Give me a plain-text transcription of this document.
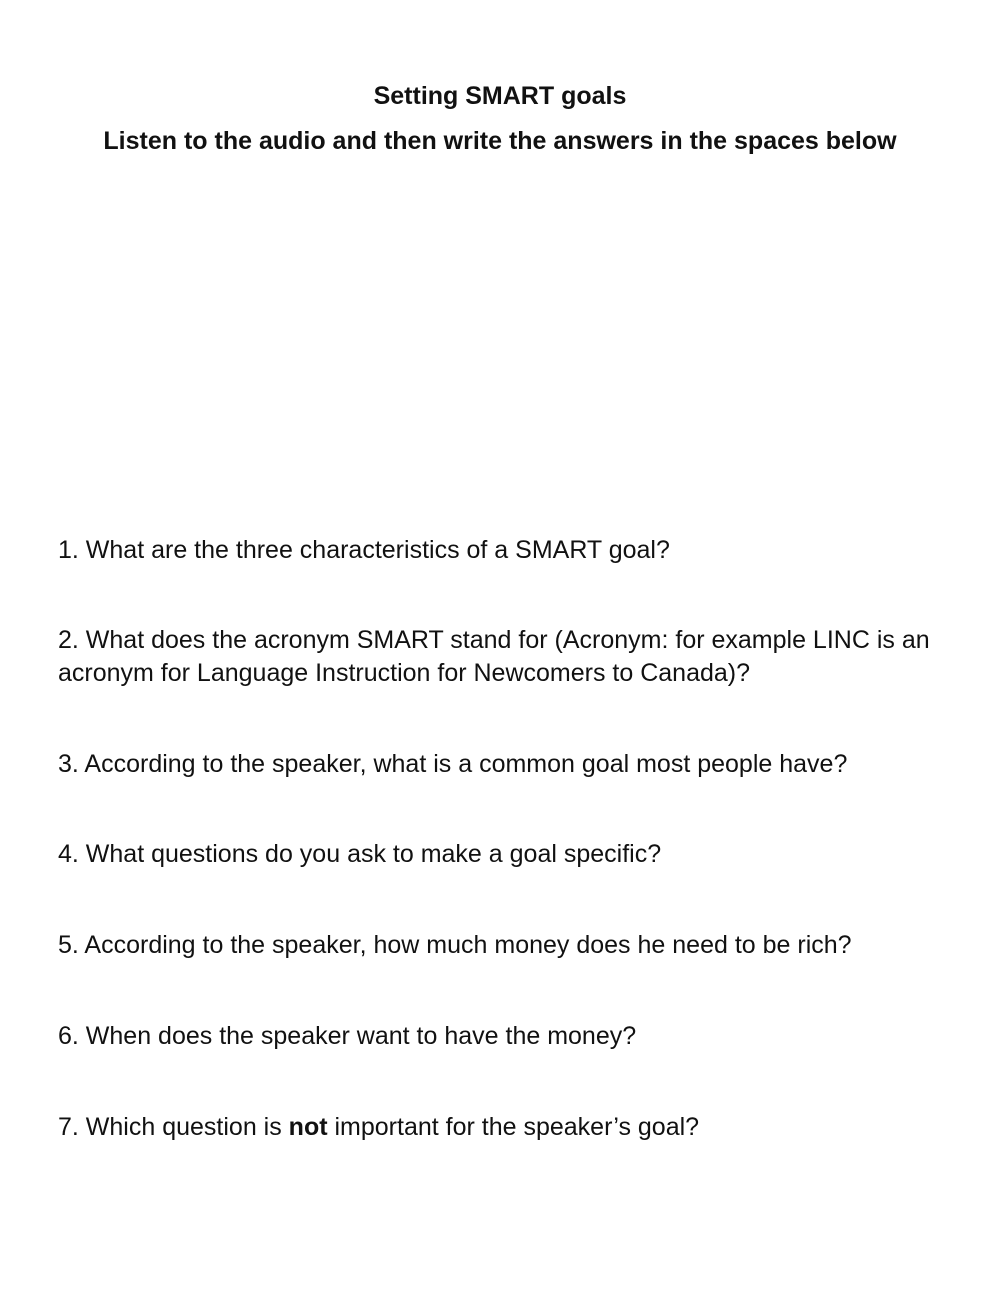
Setting SMART goals
Listen to the audio and then write the answers in the spaces below

1. What are the three characteristics of a SMART goal?

2. What does the acronym SMART stand for (Acronym: for example LINC is an acronym for Language Instruction for Newcomers to Canada)?

3. According to the speaker, what is a common goal most people have?

4. What questions do you ask to make a goal specific?

5. According to the speaker, how much money does he need to be rich?

6. When does the speaker want to have the money?

7. Which question is not important for the speaker’s goal?
